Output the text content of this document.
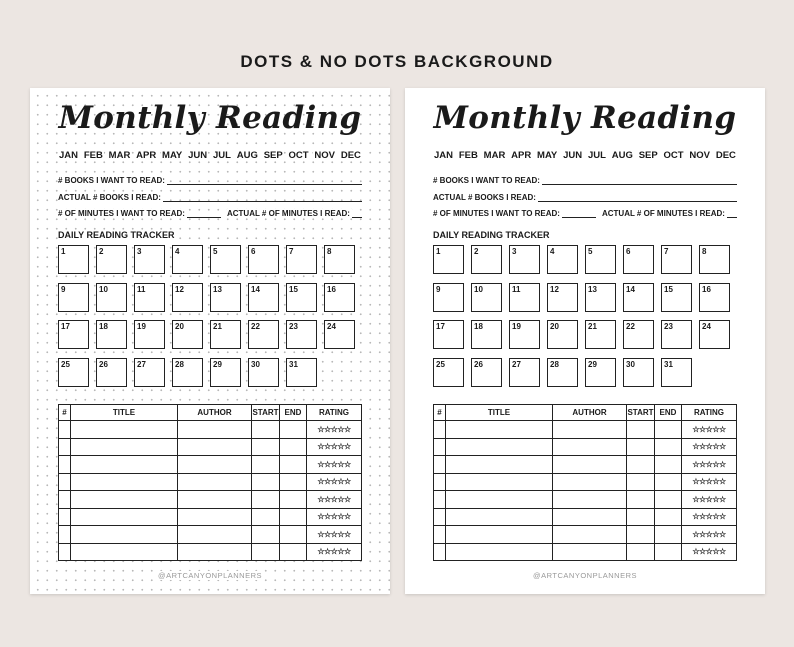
DOTS & NO DOTS BACKGROUND
Monthly Reading
JAN FEB MAR APR MAY JUN JUL AUG SEP OCT NOV DEC
# BOOKS I WANT TO READ:
ACTUAL # BOOKS I READ:
# OF MINUTES I WANT TO READ:	ACTUAL # OF MINUTES I READ:
DAILY READING TRACKER
1	2	3	4	5	6	7	8
9	10	11	12	13	14	15	16
17	18	19	20	21	22	23	24
25	26	27	28	29	30	31
#	TITLE	AUTHOR	START	END	RATING
					☆☆☆☆☆
					☆☆☆☆☆
					☆☆☆☆☆
					☆☆☆☆☆
					☆☆☆☆☆
					☆☆☆☆☆
					☆☆☆☆☆
					☆☆☆☆☆
@ARTCANYONPLANNERS
Monthly Reading
JAN FEB MAR APR MAY JUN JUL AUG SEP OCT NOV DEC
# BOOKS I WANT TO READ:
ACTUAL # BOOKS I READ:
# OF MINUTES I WANT TO READ:	ACTUAL # OF MINUTES I READ:
DAILY READING TRACKER
1	2	3	4	5	6	7	8
9	10	11	12	13	14	15	16
17	18	19	20	21	22	23	24
25	26	27	28	29	30	31
#	TITLE	AUTHOR	START	END	RATING
					☆☆☆☆☆
					☆☆☆☆☆
					☆☆☆☆☆
					☆☆☆☆☆
					☆☆☆☆☆
					☆☆☆☆☆
					☆☆☆☆☆
					☆☆☆☆☆
@ARTCANYONPLANNERS
